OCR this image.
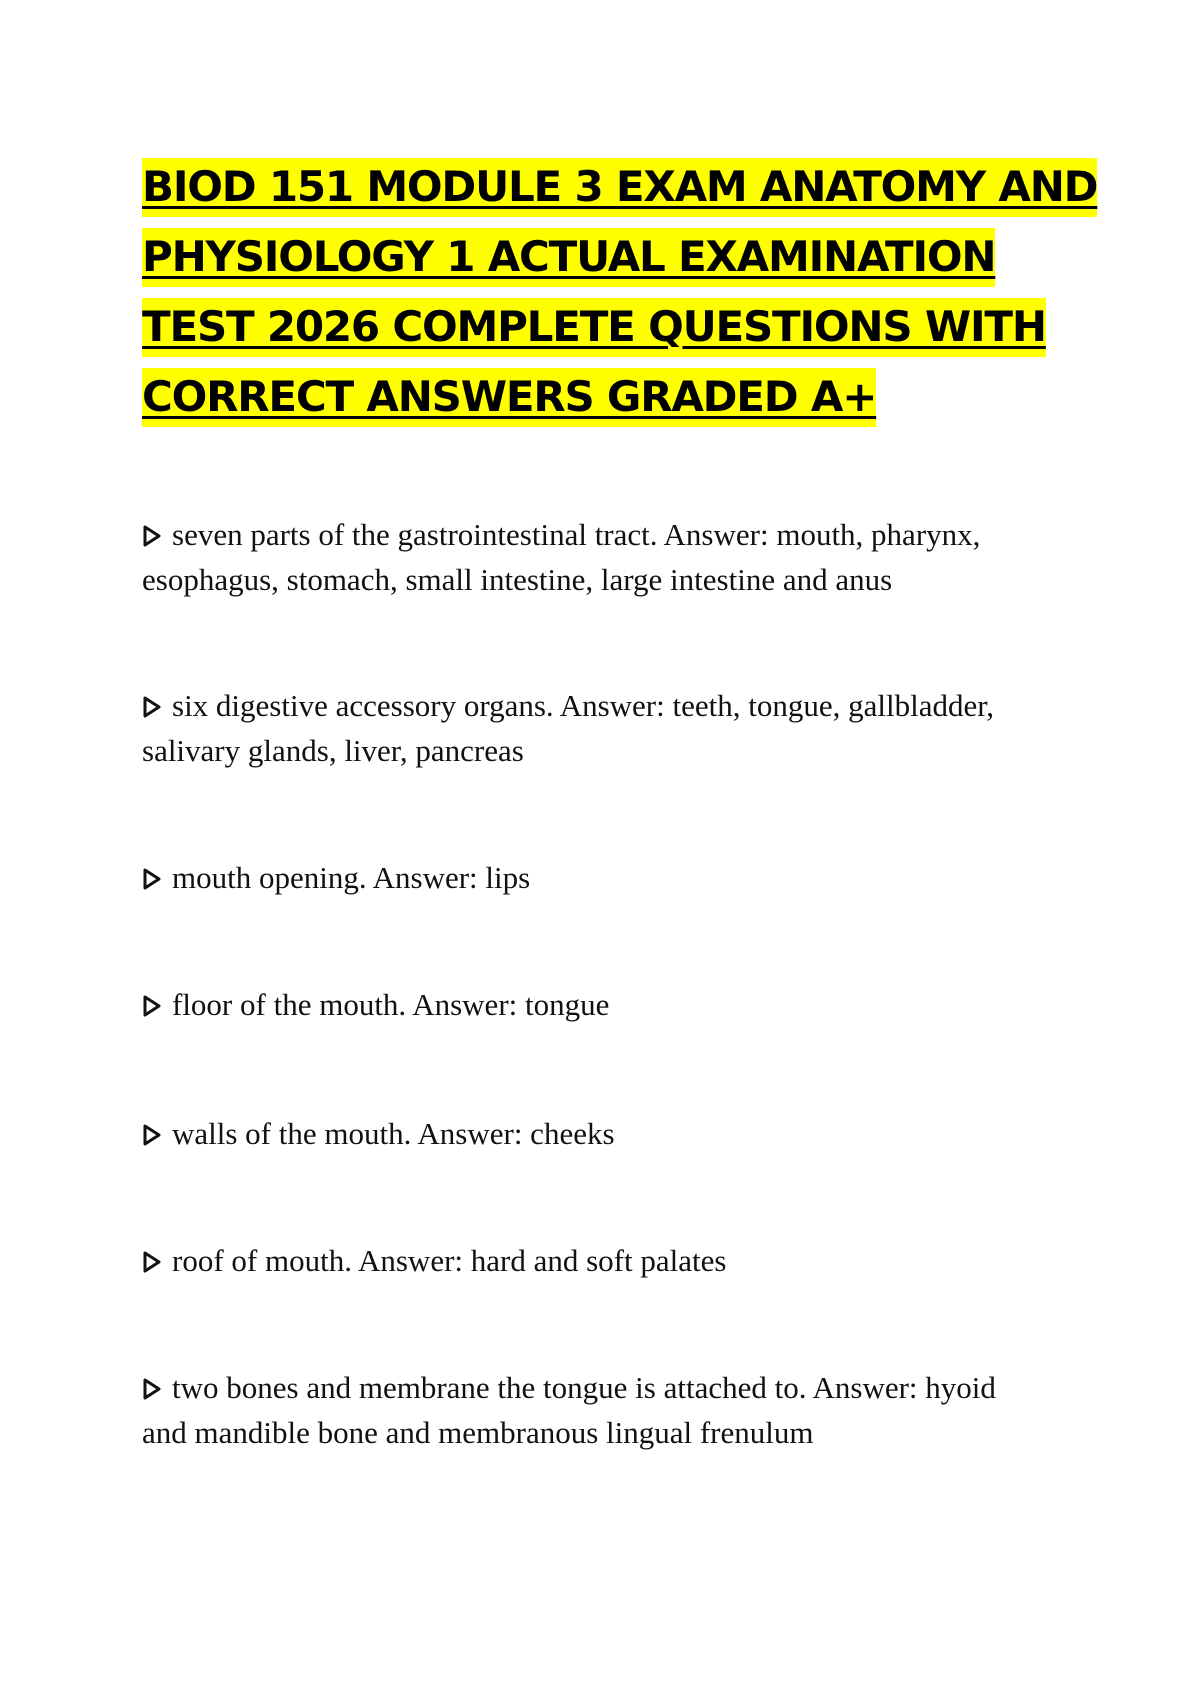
BIOD 151 MODULE 3 EXAM ANATOMY AND
PHYSIOLOGY 1 ACTUAL EXAMINATION
TEST 2026 COMPLETE QUESTIONS WITH
CORRECT ANSWERS GRADED A+
seven parts of the gastrointestinal tract. Answer: mouth, pharynx,
esophagus, stomach, small intestine, large intestine and anus
six digestive accessory organs. Answer: teeth, tongue, gallbladder,
salivary glands, liver, pancreas
mouth opening. Answer: lips
floor of the mouth. Answer: tongue
walls of the mouth. Answer: cheeks
roof of mouth. Answer: hard and soft palates
two bones and membrane the tongue is attached to. Answer: hyoid
and mandible bone and membranous lingual frenulum
